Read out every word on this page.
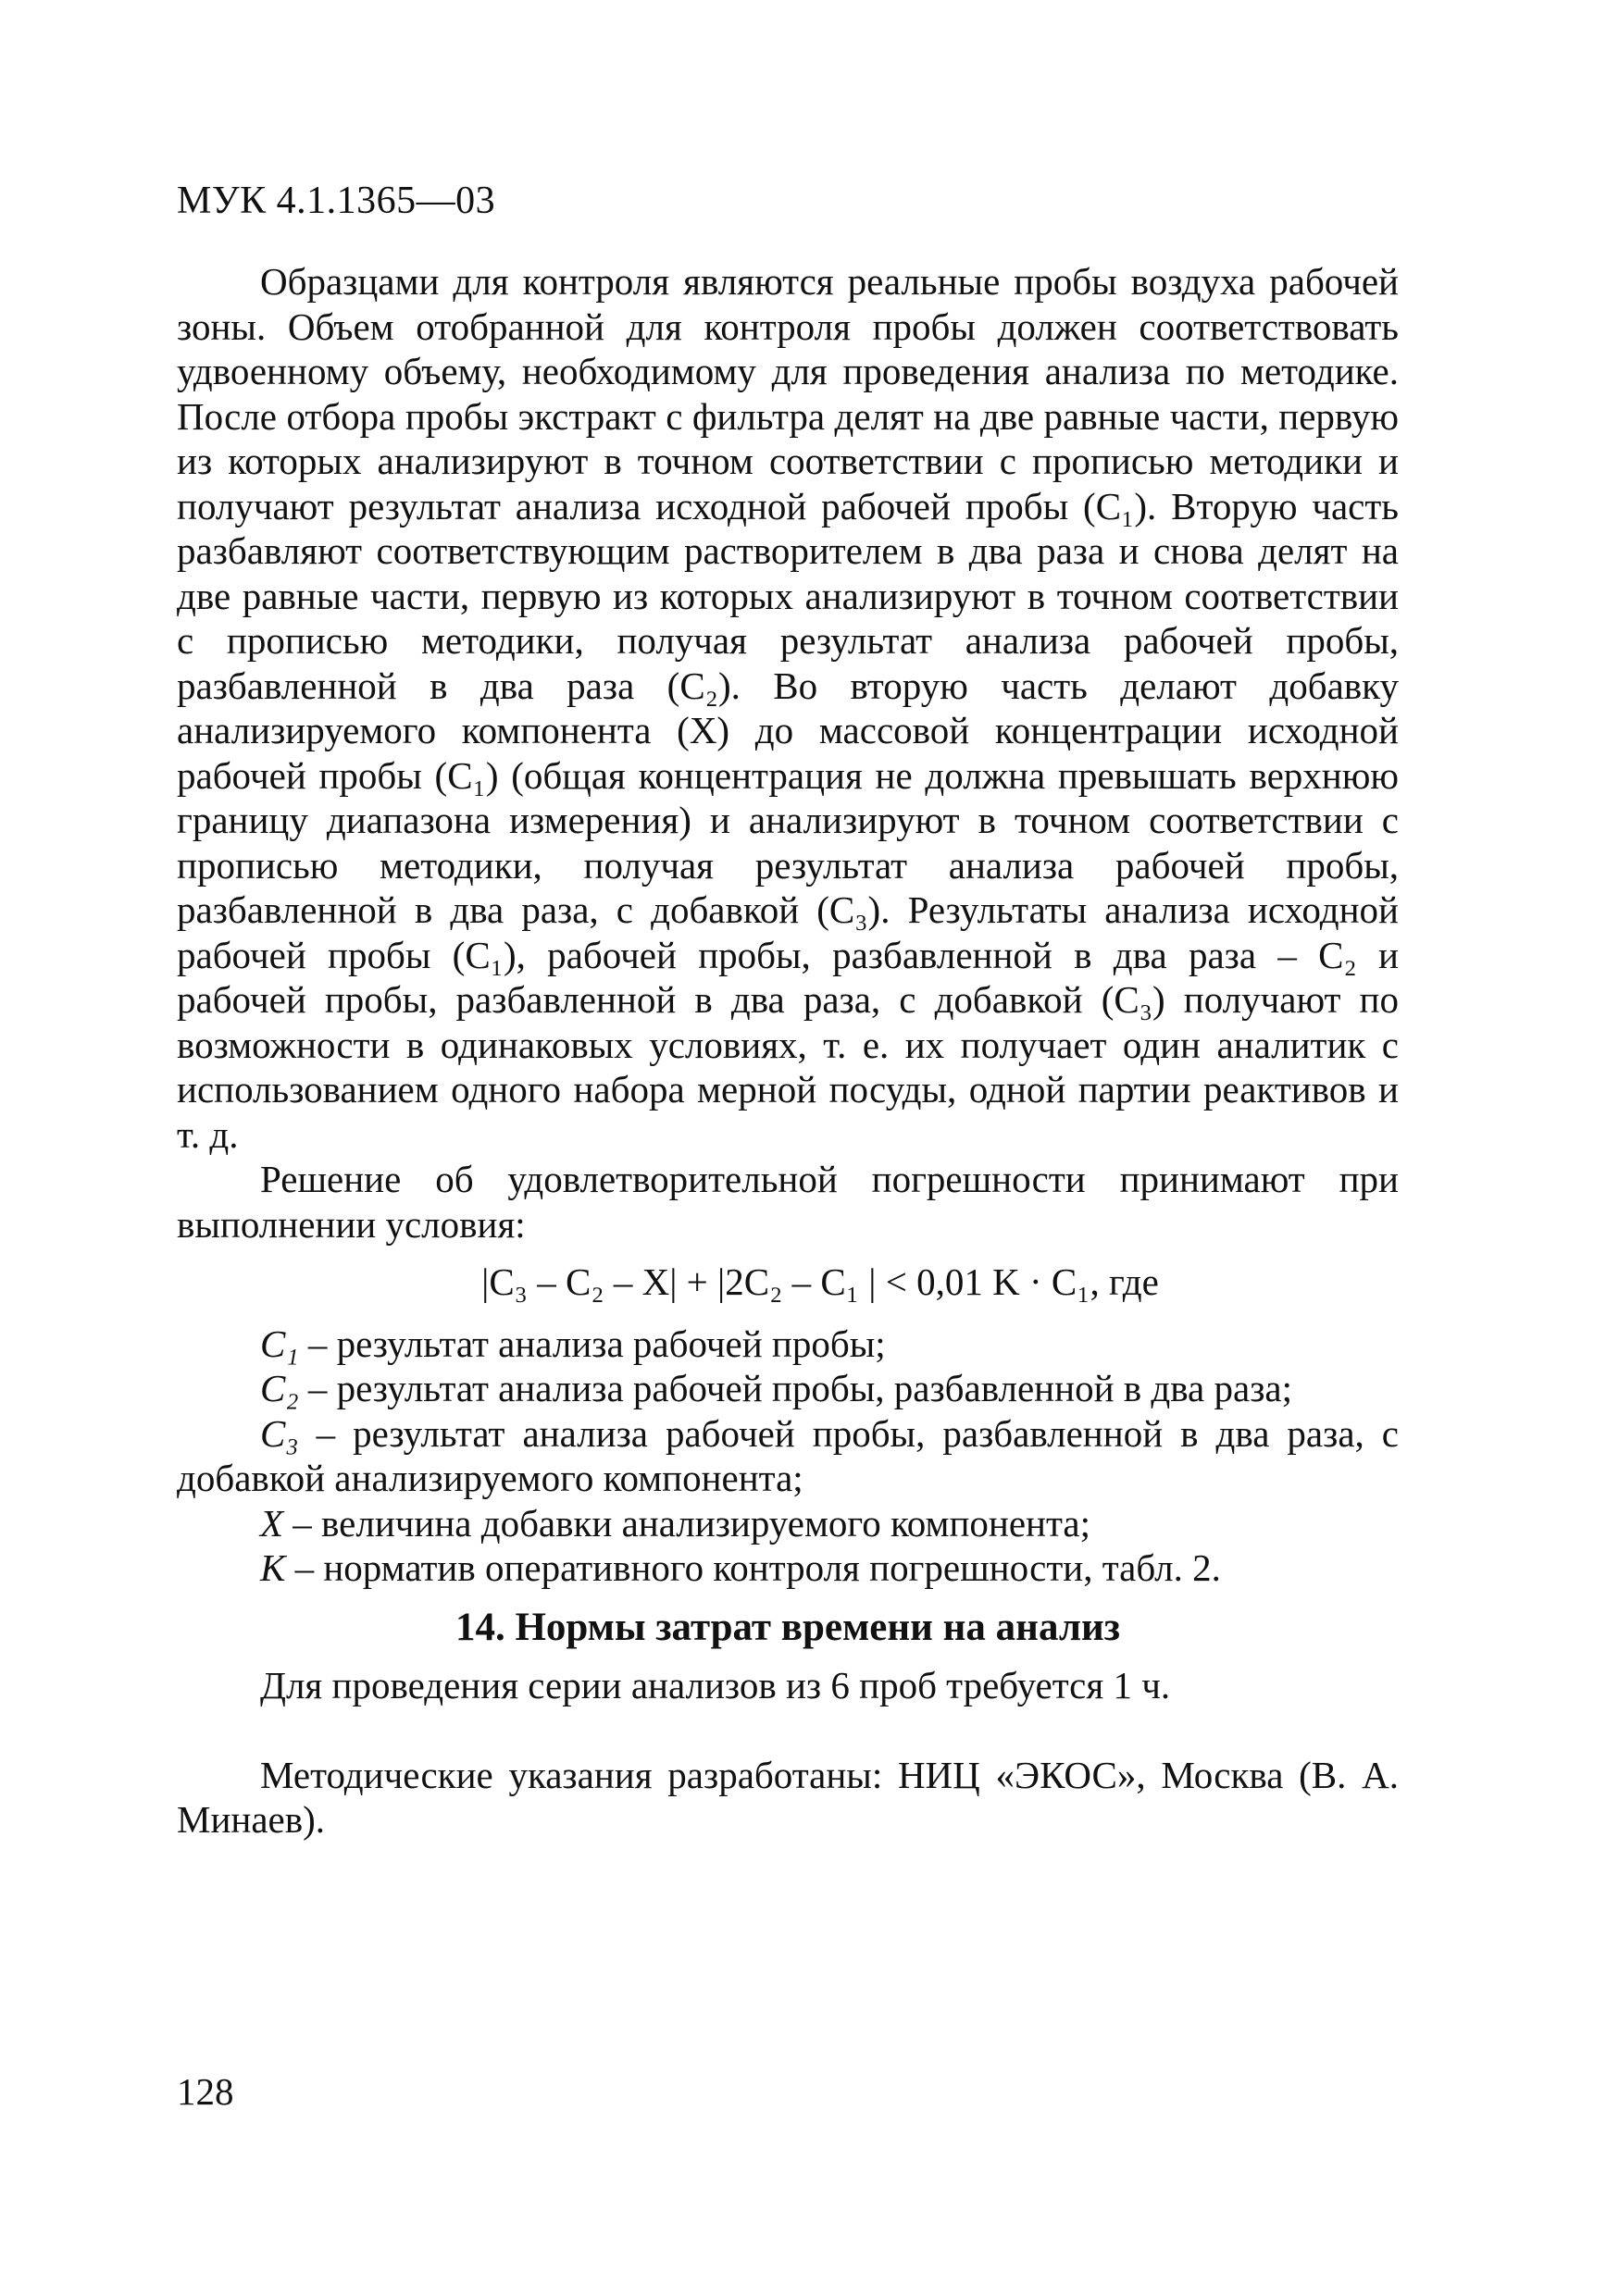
МУК 4.1.1365—03

Образцами для контроля являются реальные пробы воздуха рабочей зоны. Объем отобранной для контроля пробы должен соответствовать удвоенному объему, необходимому для проведения анализа по методике. После отбора пробы экстракт с фильтра делят на две равные части, первую из которых анализируют в точном соответствии с прописью методики и получают результат анализа исходной рабочей пробы (C₁). Вторую часть разбавляют соответствующим растворителем в два раза и снова делят на две равные части, первую из которых анализируют в точном соответствии с прописью методики, получая результат анализа рабочей пробы, разбавленной в два раза (C₂). Во вторую часть делают добавку анализируемого компонента (X) до массовой концентрации исходной рабочей пробы (C₁) (общая концентрация не должна превышать верхнюю границу диапазона измерения) и анализируют в точном соответствии с прописью методики, получая результат анализа рабочей пробы, разбавленной в два раза, с добавкой (C₃). Результаты анализа исходной рабочей пробы (C₁), рабочей пробы, разбавленной в два раза – C₂ и рабочей пробы, разбавленной в два раза, с добавкой (C₃) получают по возможности в одинаковых условиях, т. е. их получает один аналитик с использованием одного набора мерной посуды, одной партии реактивов и т. д.

Решение об удовлетворительной погрешности принимают при выполнении условия:

|C₃ – C₂ – X| + |2C₂ – C₁ | < 0,01 K · C₁, где

C₁ – результат анализа рабочей пробы;

C₂ – результат анализа рабочей пробы, разбавленной в два раза;

C₃ – результат анализа рабочей пробы, разбавленной в два раза, с добавкой анализируемого компонента;

X – величина добавки анализируемого компонента;

K – норматив оперативного контроля погрешности, табл. 2.

14. Нормы затрат времени на анализ

Для проведения серии анализов из 6 проб требуется 1 ч.

Методические указания разработаны: НИЦ «ЭКОС», Москва (В. А. Минаев).

128
